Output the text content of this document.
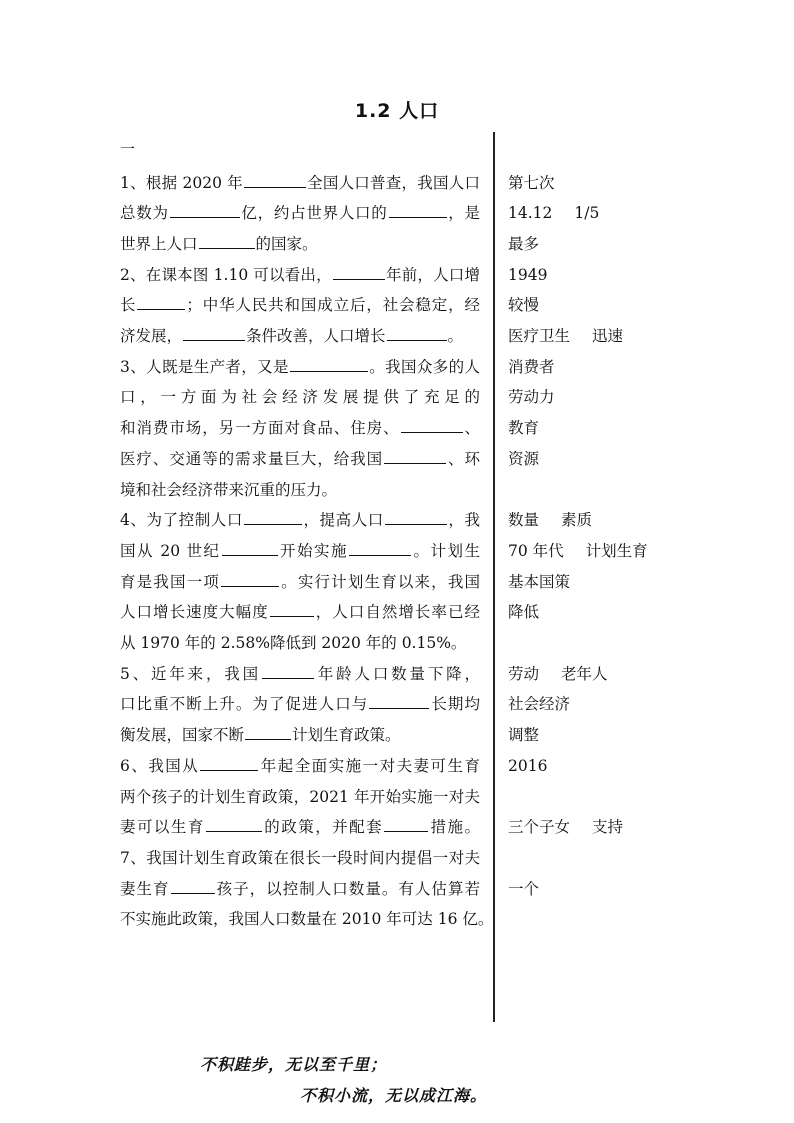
1.2 人口
一
1、根据 2020 年	全国人口普查，我国人口
总数为	亿，约占世界人口的	，是
世界上人口	的国家。
2、在课本图 1.10 可以看出，	年前，人口增
长	；中华人民共和国成立后，社会稳定，经
济发展，	条件改善，人口增长	。
3、人既是生产者，又是	。我国众多的人
口，一方面为社会经济发展提供了充足的
和消费市场，另一方面对食品、住房、	、
医疗、交通等的需求量巨大，给我国	、环
境和社会经济带来沉重的压力。
4、为了控制人口	，提高人口	，我
国从 20 世纪	开始实施	。计划生
育是我国一项	。实行计划生育以来，我国
人口增长速度大幅度	，人口自然增长率已经
从 1970 年的 2.58%降低到 2020 年的 0.15%。
5、近年来，我国	年龄人口数量下降，
口比重不断上升。为了促进人口与	长期均
衡发展，国家不断	计划生育政策。
6、我国从	年起全面实施一对夫妻可生育
两个孩子的计划生育政策，2021 年开始实施一对夫
妻可以生育	的政策，并配套	措施。
7、我国计划生育政策在很长一段时间内提倡一对夫
妻生育	孩子，以控制人口数量。有人估算若
不实施此政策，我国人口数量在 2010 年可达 16 亿。
第七次
14.12 1/5
最多
1949
较慢
医疗卫生 迅速
消费者
劳动力
教育
资源
数量 素质
70 年代 计划生育
基本国策
降低
劳动 老年人
社会经济
调整
2016
三个子女 支持
一个
不积跬步，无以至千里；
不积小流，无以成江海。
